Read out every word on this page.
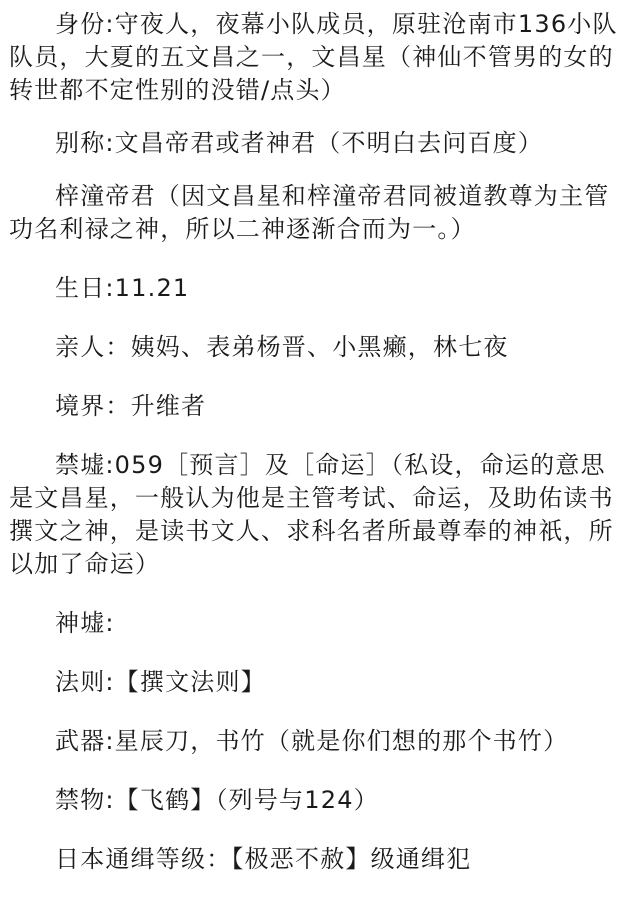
身份:守夜人，夜幕小队成员，原驻沧南市136小队队员，大夏的五文昌之一，文昌星（神仙不管男的女的转世都不定性别的没错/点头）

别称:文昌帝君或者神君（不明白去问百度）

梓潼帝君（因文昌星和梓潼帝君同被道教尊为主管功名利禄之神，所以二神逐渐合而为一。）

生日:11.21

亲人：姨妈、表弟杨晋、小黑癞，林七夜

境界：升维者

禁墟:059［预言］及［命运］（私设，命运的意思是文昌星，一般认为他是主管考试、命运，及助佑读书撰文之神，是读书文人、求科名者所最尊奉的神祇，所以加了命运）

神墟:

法则:【撰文法则】

武器:星辰刀，书竹（就是你们想的那个书竹）

禁物:【飞鹤】（列号与124）

日本通缉等级：【极恶不赦】级通缉犯
